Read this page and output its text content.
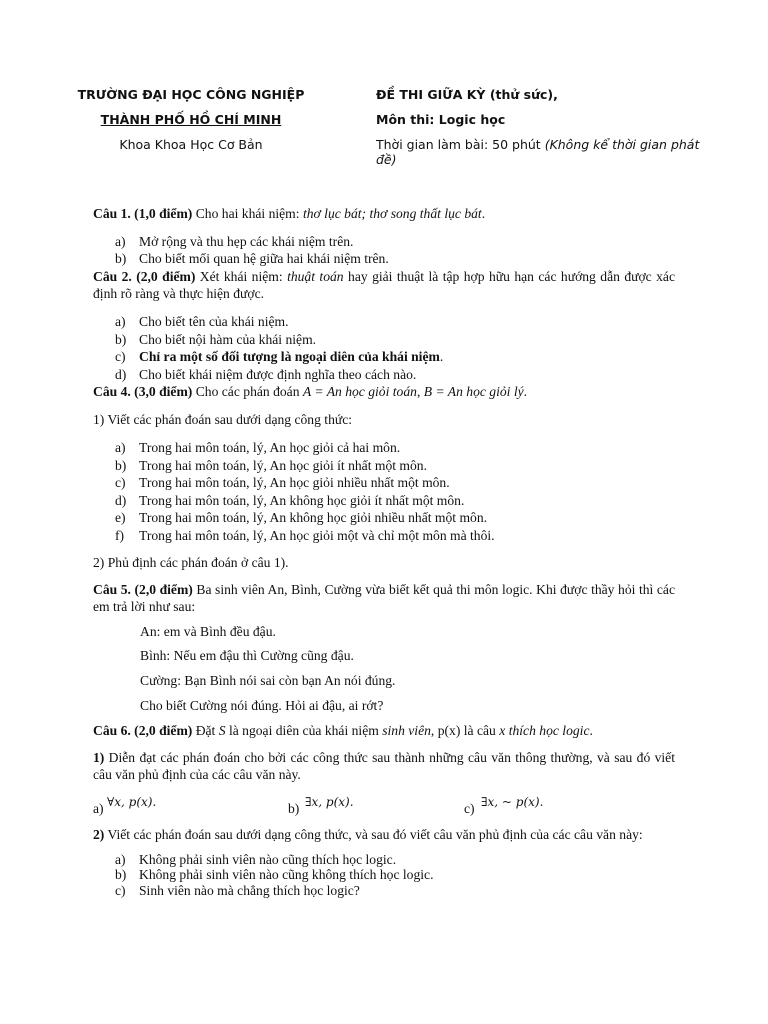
TRƯỜNG ĐẠI HỌC CÔNG NGHIỆP
THÀNH PHỐ HỒ CHÍ MINH
Khoa Khoa Học Cơ Bản
ĐỀ THI GIỮA KỲ (thử sức),
Môn thi: Logic học
Thời gian làm bài: 50 phút (Không kể thời gian phát
đề)
Câu 1. (1,0 điểm) Cho hai khái niệm: thơ lục bát; thơ song thất lục bát.
a) Mở rộng và thu hẹp các khái niệm trên.
b) Cho biết mối quan hệ giữa hai khái niệm trên.
Câu 2. (2,0 điểm) Xét khái niệm: thuật toán hay giải thuật là tập hợp hữu hạn các hướng dẫn được xác định rõ ràng và thực hiện được.
a) Cho biết tên của khái niệm.
b) Cho biết nội hàm của khái niệm.
c) Chỉ ra một số đối tượng là ngoại diên của khái niệm.
d) Cho biết khái niệm được định nghĩa theo cách nào.
Câu 4. (3,0 điểm) Cho các phán đoán A = An học giỏi toán, B = An học giỏi lý.
1) Viết các phán đoán sau dưới dạng công thức:
a) Trong hai môn toán, lý, An học giỏi cả hai môn.
b) Trong hai môn toán, lý, An học giỏi ít nhất một môn.
c) Trong hai môn toán, lý, An học giỏi nhiều nhất một môn.
d) Trong hai môn toán, lý, An không học giỏi ít nhất một môn.
e) Trong hai môn toán, lý, An không học giỏi nhiều nhất một môn.
f) Trong hai môn toán, lý, An học giỏi một và chỉ một môn mà thôi.
2) Phủ định các phán đoán ở câu 1).
Câu 5. (2,0 điểm) Ba sinh viên An, Bình, Cường vừa biết kết quả thi môn logic. Khi được thầy hỏi thì các em trả lời như sau:
An: em và Bình đều đậu.
Bình: Nếu em đậu thì Cường cũng đậu.
Cường: Bạn Bình nói sai còn bạn An nói đúng.
Cho biết Cường nói đúng. Hỏi ai đậu, ai rớt?
Câu 6. (2,0 điểm) Đặt S là ngoại diên của khái niệm sinh viên, p(x) là câu x thích học logic.
1) Diễn đạt các phán đoán cho bởi các công thức sau thành những câu văn thông thường, và sau đó viết câu văn phủ định của các câu văn này.
a) ∀x, p(x).	b) ∃x, p(x).	c) ∃x, ~ p(x).
2) Viết các phán đoán sau dưới dạng công thức, và sau đó viết câu văn phủ định của các câu văn này:
a) Không phải sinh viên nào cũng thích học logic.
b) Không phải sinh viên nào cũng không thích học logic.
c) Sinh viên nào mà chẳng thích học logic?
